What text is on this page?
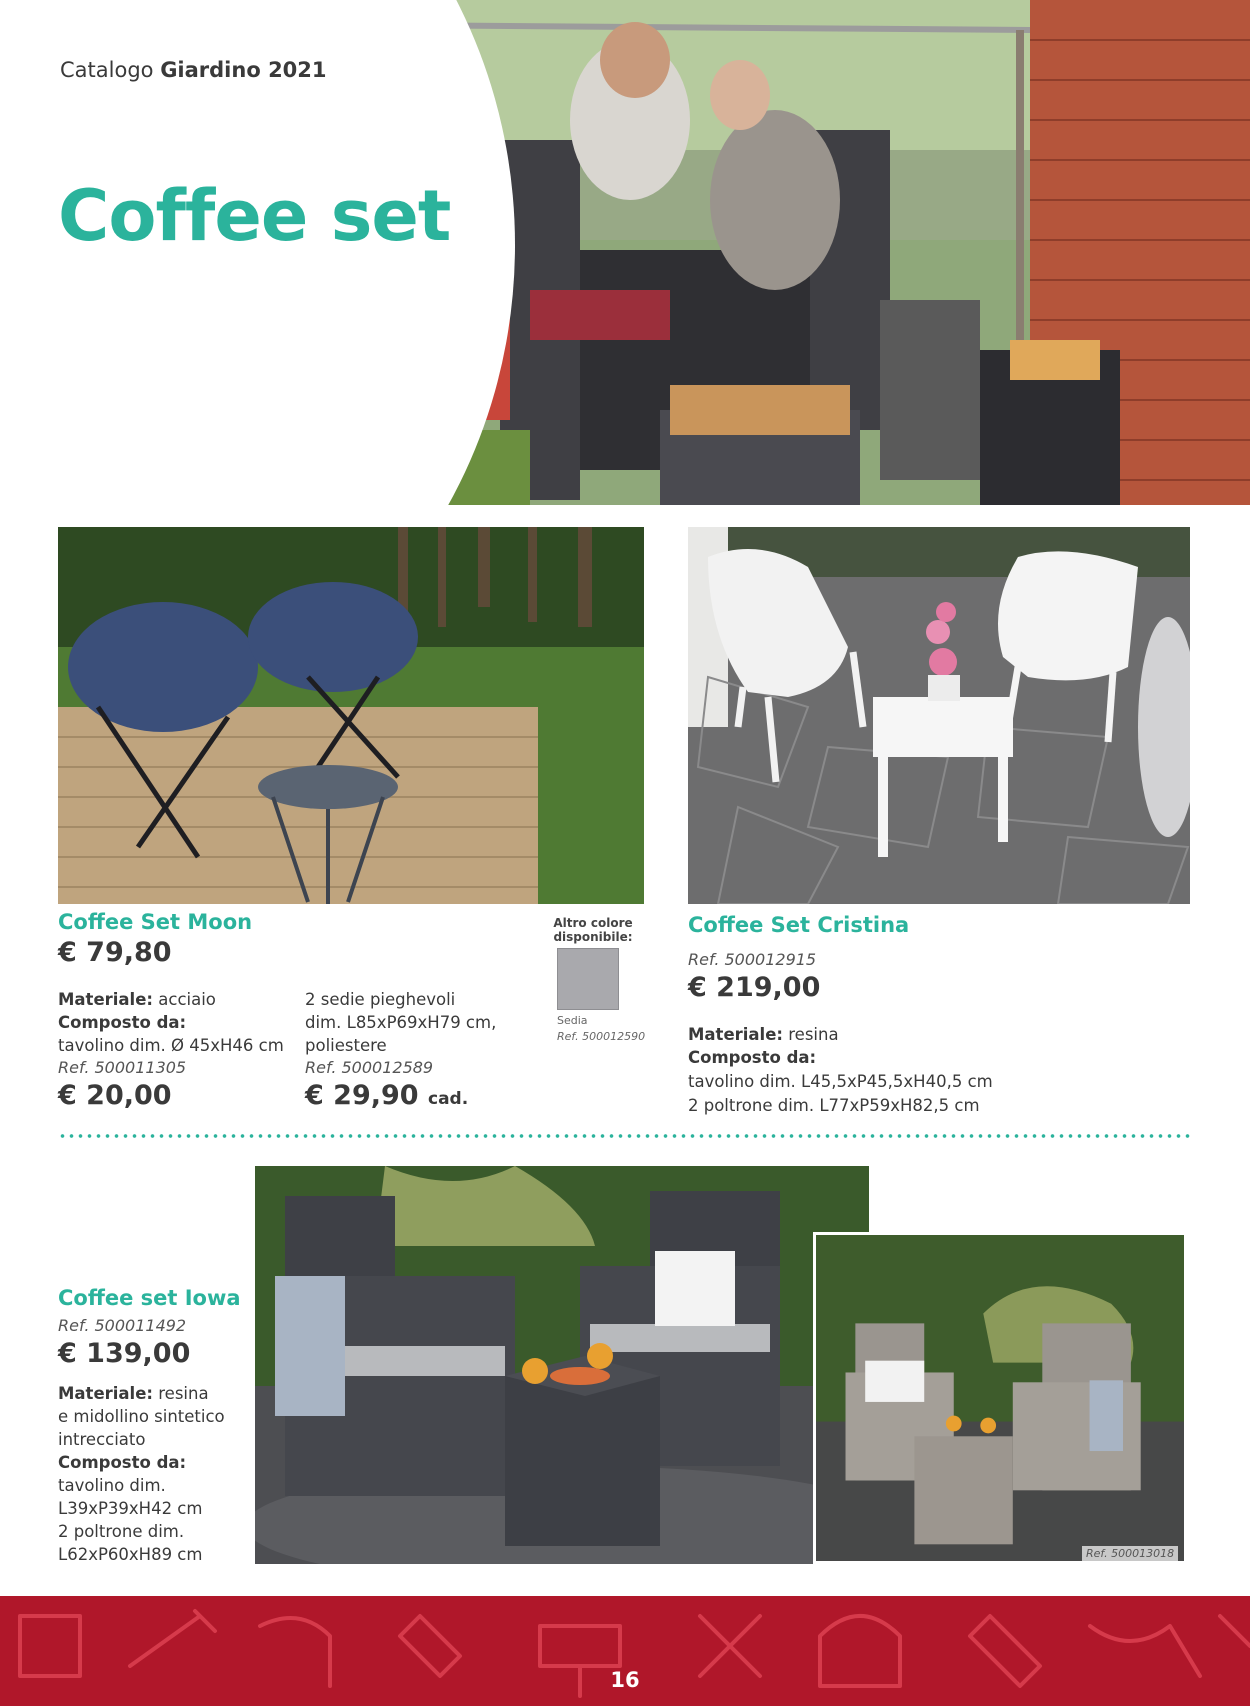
Catalogo Giardino 2021
Coffee set
Coffee Set Moon
€ 79,80
Materiale: acciaio
Composto da:
tavolino dim. Ø 45xH46 cm
Ref. 500011305
€ 20,00
2 sedie pieghevoli
dim. L85xP69xH79 cm,
poliestere
Ref. 500012589
€ 29,90 cad.
Altro colore disponibile:
Sedia
Ref. 500012590
Coffee Set Cristina
Ref. 500012915
€ 219,00
Materiale: resina
Composto da:
tavolino dim. L45,5xP45,5xH40,5 cm
2 poltrone dim. L77xP59xH82,5 cm
Ref. 500013018
Coffee set Iowa
Ref. 500011492
€ 139,00
Materiale: resina
e midollino sintetico
intrecciato
Composto da:
tavolino dim.
L39xP39xH42 cm
2 poltrone dim.
L62xP60xH89 cm
16
